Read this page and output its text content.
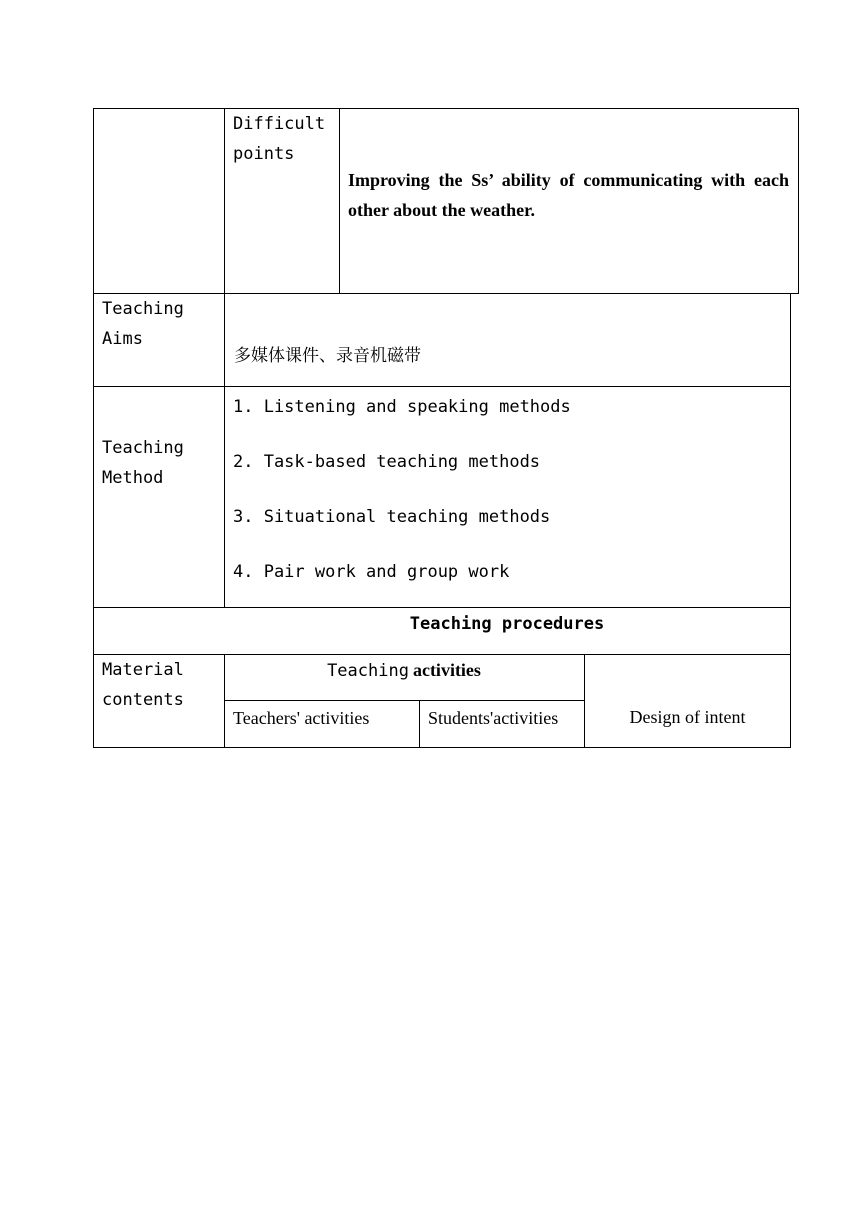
Difficult points
Improving the Ss’ ability of communicating with each other about the weather.
Teaching Aims
多媒体课件、录音机磁带
Teaching Method
1. Listening and speaking methods
2. Task-based teaching methods
3. Situational teaching methods
4. Pair work and group work
Teaching procedures
Material contents
Teaching activities
Teachers' activities	Students'activities	Design of intent
